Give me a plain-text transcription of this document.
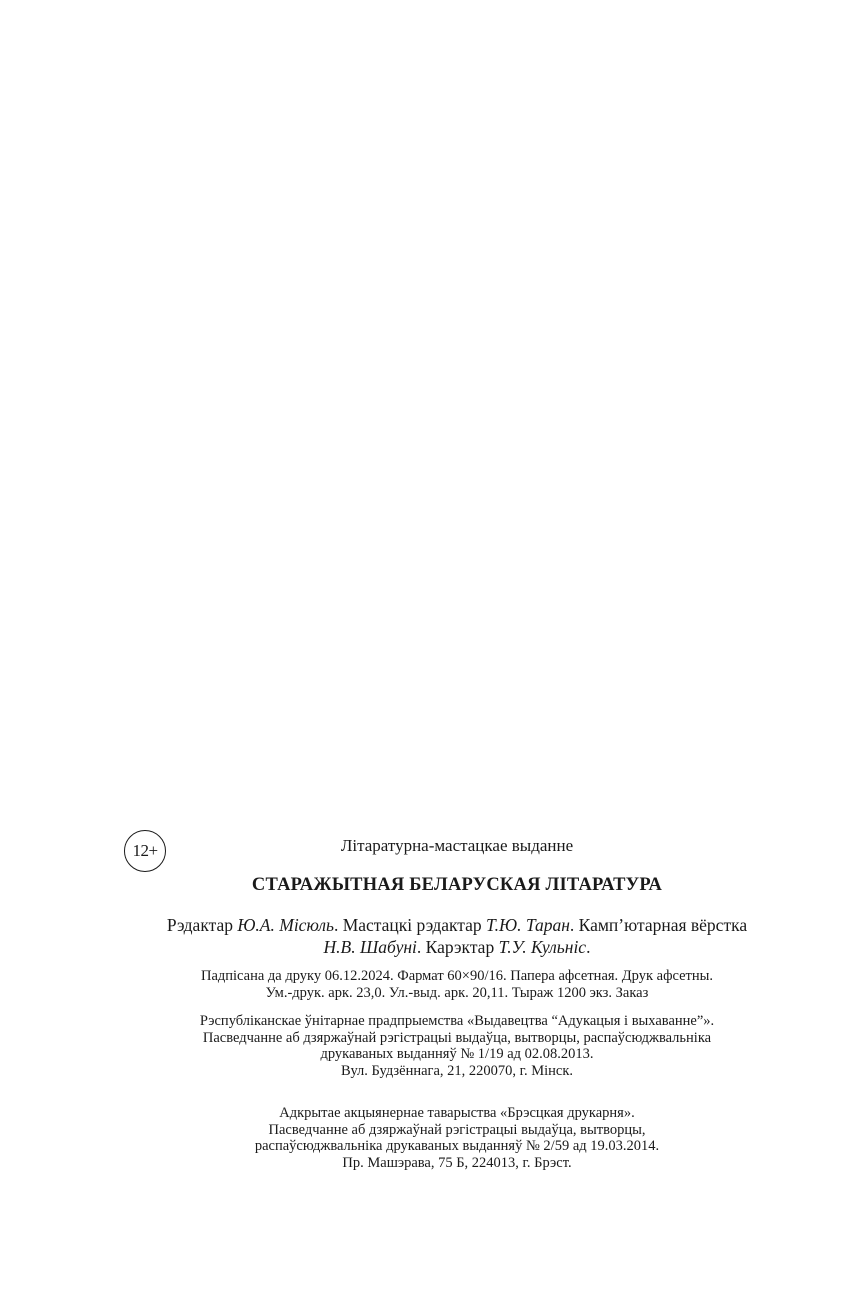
12+	Літаратурна-мастацкае выданне
СТАРАЖЫТНАЯ БЕЛАРУСКАЯ ЛІТАРАТУРА
Рэдактар Ю.А. Місюль. Мастацкі рэдактар Т.Ю. Таран. Камп’ютарная вёрстка
Н.В. Шабуні. Карэктар Т.У. Кульніс.
Падпісана да друку 06.12.2024. Фармат 60×90/16. Папера афсетная. Друк афсетны.
Ум.-друк. арк. 23,0. Ул.-выд. арк. 20,11. Тыраж 1200 экз. Заказ
Рэспубліканскае ўнітарнае прадпрыемства «Выдавецтва “Адукацыя і выхаванне”».
Пасведчанне аб дзяржаўнай рэгістрацыі выдаўца, вытворцы, распаўсюджвальніка
друкаваных выданняў № 1/19 ад 02.08.2013.
Вул. Будзённага, 21, 220070, г. Мінск.
Адкрытае акцыянернае таварыства «Брэсцкая друкарня».
Пасведчанне аб дзяржаўнай рэгістрацыі выдаўца, вытворцы,
распаўсюджвальніка друкаваных выданняў № 2/59 ад 19.03.2014.
Пр. Машэрава, 75 Б, 224013, г. Брэст.
